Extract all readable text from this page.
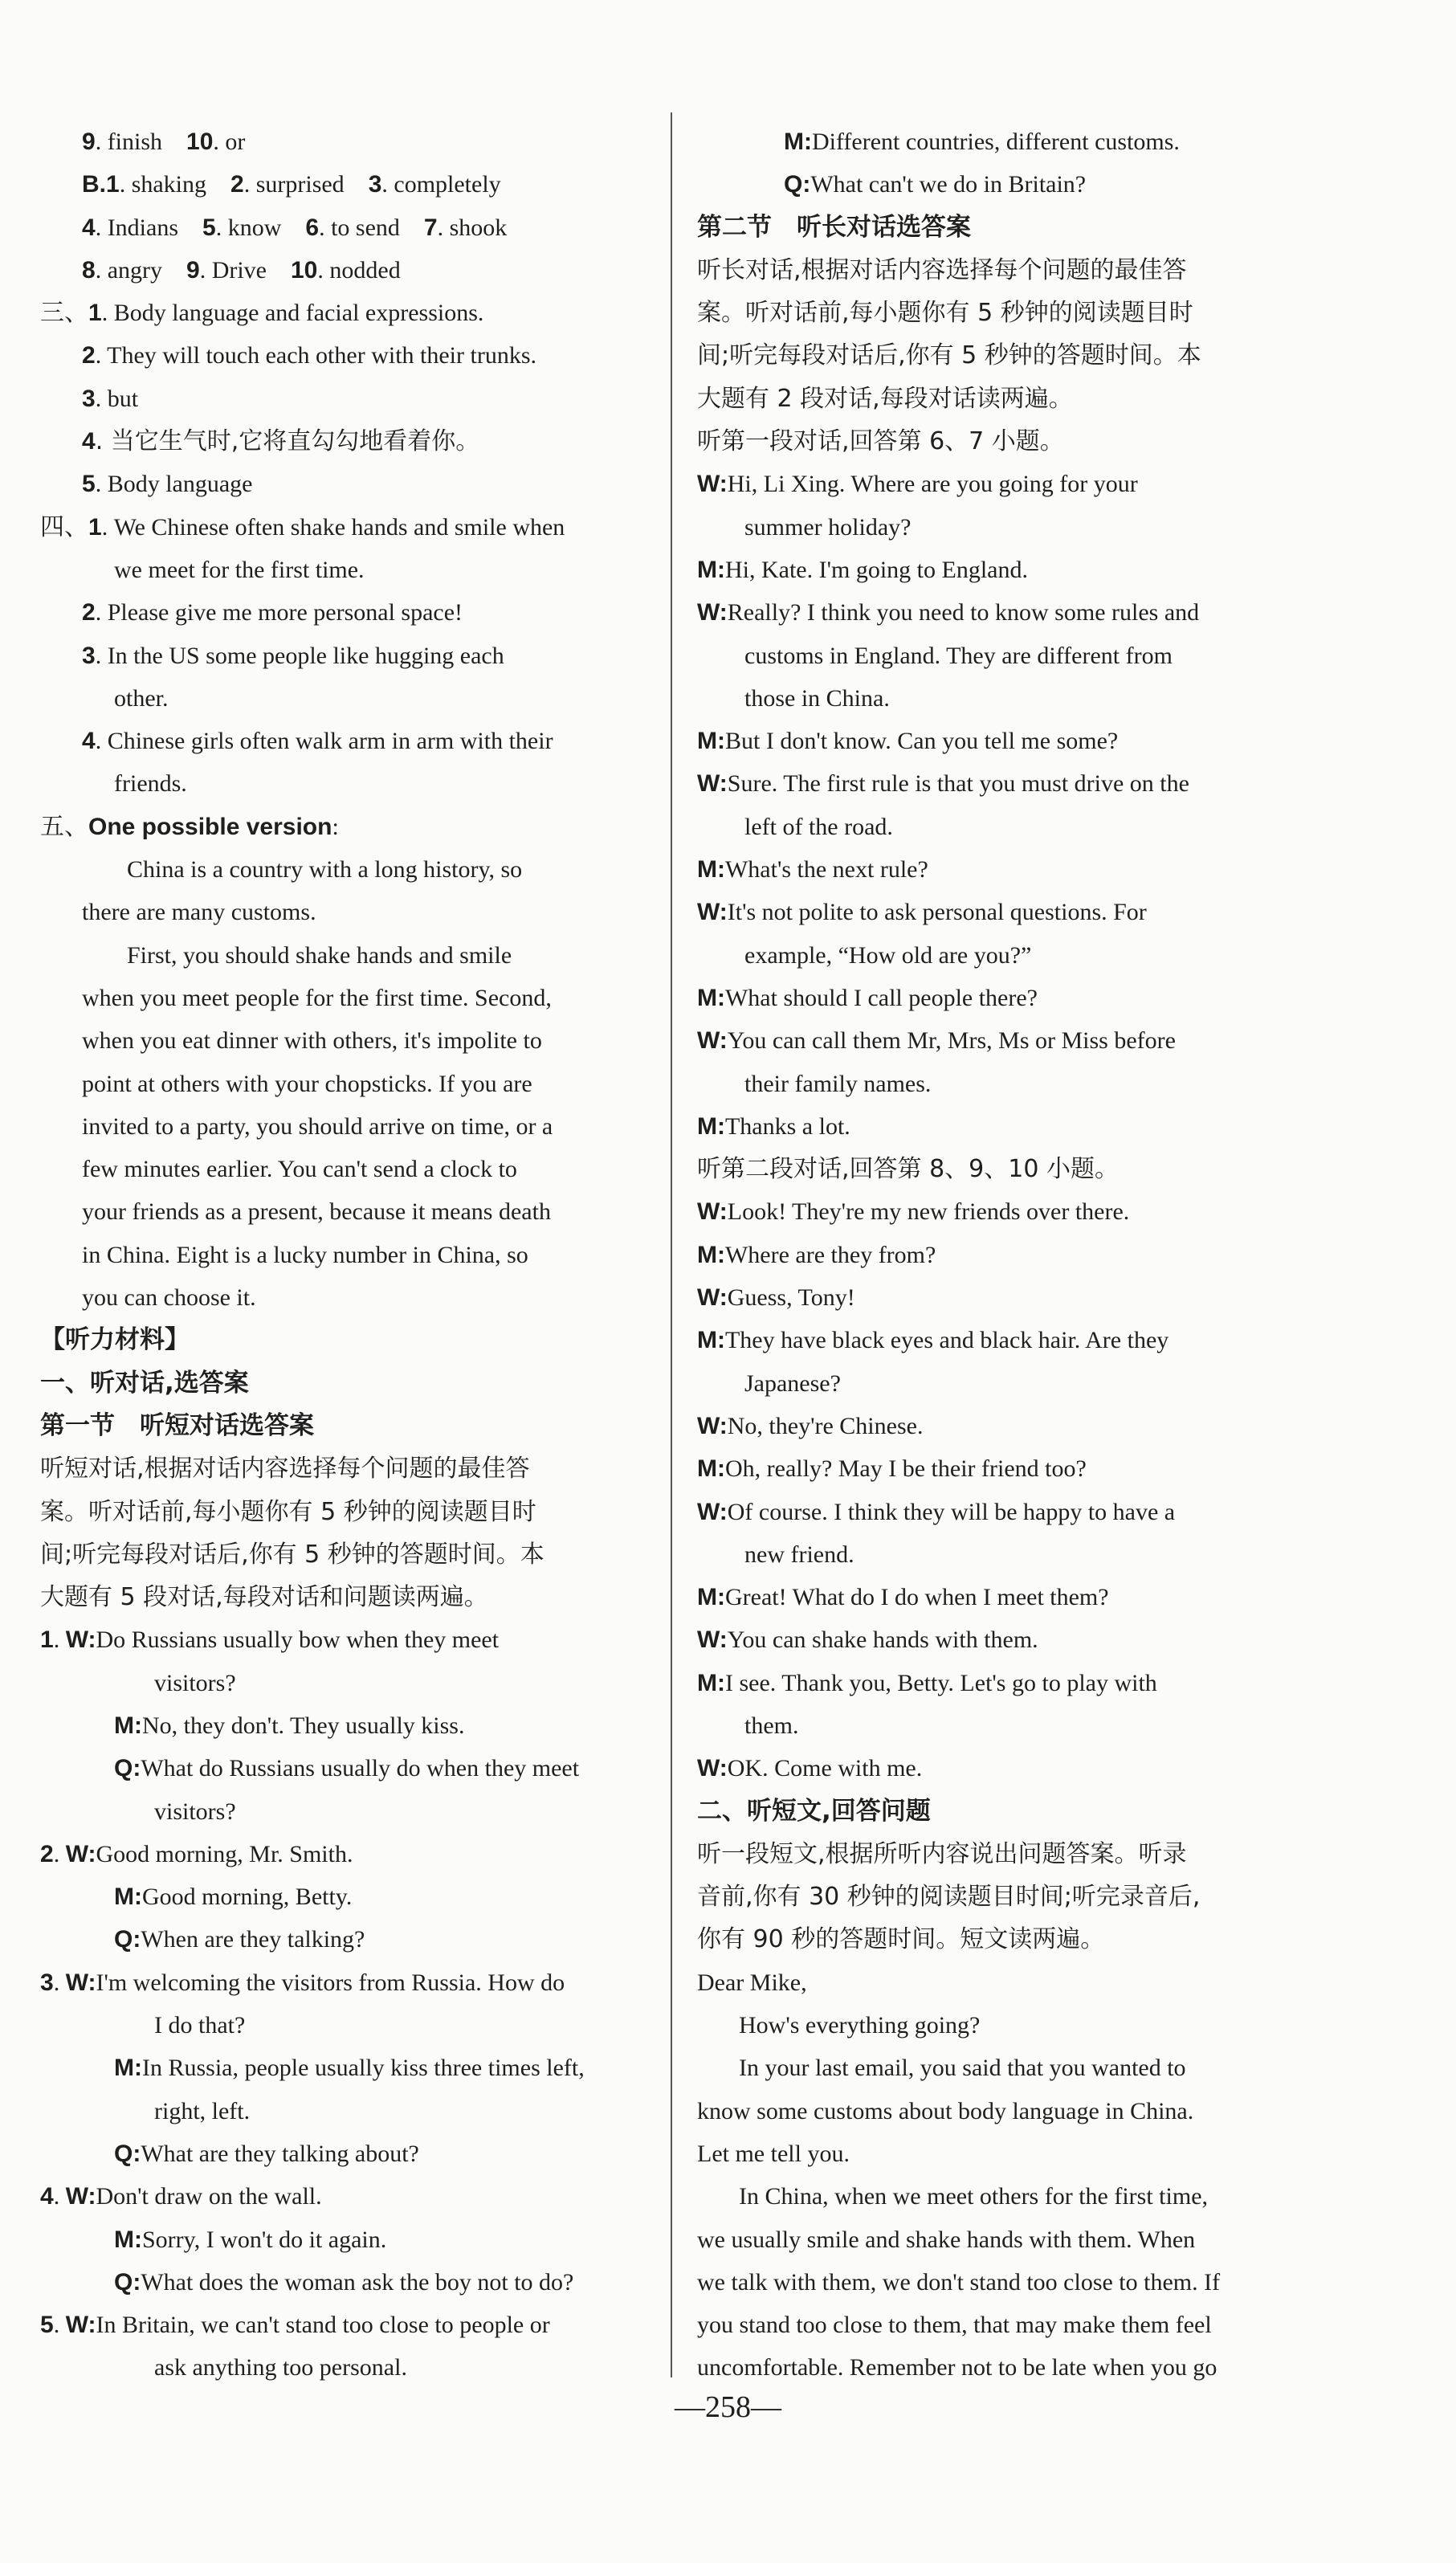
9. finish 10. or
B.1. shaking 2. surprised 3. completely
4. Indians 5. know 6. to send 7. shook
8. angry 9. Drive 10. nodded
三、1. Body language and facial expressions.
2. They will touch each other with their trunks.
3. but
4. 当它生气时,它将直勾勾地看着你。
5. Body language
四、1. We Chinese often shake hands and smile when
we meet for the first time.
2. Please give me more personal space!
3. In the US some people like hugging each
other.
4. Chinese girls often walk arm in arm with their
friends.
五、One possible version:
China is a country with a long history, so
there are many customs.
First, you should shake hands and smile
when you meet people for the first time. Second,
when you eat dinner with others, it's impolite to
point at others with your chopsticks. If you are
invited to a party, you should arrive on time, or a
few minutes earlier. You can't send a clock to
your friends as a present, because it means death
in China. Eight is a lucky number in China, so
you can choose it.
【听力材料】
一、听对话,选答案
第一节　听短对话选答案
听短对话,根据对话内容选择每个问题的最佳答
案。听对话前,每小题你有 5 秒钟的阅读题目时
间;听完每段对话后,你有 5 秒钟的答题时间。本
大题有 5 段对话,每段对话和问题读两遍。
1. W:Do Russians usually bow when they meet
visitors?
M:No, they don't. They usually kiss.
Q:What do Russians usually do when they meet
visitors?
2. W:Good morning, Mr. Smith.
M:Good morning, Betty.
Q:When are they talking?
3. W:I'm welcoming the visitors from Russia. How do
I do that?
M:In Russia, people usually kiss three times left,
right, left.
Q:What are they talking about?
4. W:Don't draw on the wall.
M:Sorry, I won't do it again.
Q:What does the woman ask the boy not to do?
5. W:In Britain, we can't stand too close to people or
ask anything too personal.
M:Different countries, different customs.
Q:What can't we do in Britain?
第二节　听长对话选答案
听长对话,根据对话内容选择每个问题的最佳答
案。听对话前,每小题你有 5 秒钟的阅读题目时
间;听完每段对话后,你有 5 秒钟的答题时间。本
大题有 2 段对话,每段对话读两遍。
听第一段对话,回答第 6、7 小题。
W:Hi, Li Xing. Where are you going for your
summer holiday?
M:Hi, Kate. I'm going to England.
W:Really? I think you need to know some rules and
customs in England. They are different from
those in China.
M:But I don't know. Can you tell me some?
W:Sure. The first rule is that you must drive on the
left of the road.
M:What's the next rule?
W:It's not polite to ask personal questions. For
example, “How old are you?”
M:What should I call people there?
W:You can call them Mr, Mrs, Ms or Miss before
their family names.
M:Thanks a lot.
听第二段对话,回答第 8、9、10 小题。
W:Look! They're my new friends over there.
M:Where are they from?
W:Guess, Tony!
M:They have black eyes and black hair. Are they
Japanese?
W:No, they're Chinese.
M:Oh, really? May I be their friend too?
W:Of course. I think they will be happy to have a
new friend.
M:Great! What do I do when I meet them?
W:You can shake hands with them.
M:I see. Thank you, Betty. Let's go to play with
them.
W:OK. Come with me.
二、听短文,回答问题
听一段短文,根据所听内容说出问题答案。听录
音前,你有 30 秒钟的阅读题目时间;听完录音后,
你有 90 秒的答题时间。短文读两遍。
Dear Mike,
How's everything going?
In your last email, you said that you wanted to
know some customs about body language in China.
Let me tell you.
In China, when we meet others for the first time,
we usually smile and shake hands with them. When
we talk with them, we don't stand too close to them. If
you stand too close to them, that may make them feel
uncomfortable. Remember not to be late when you go
—258—
